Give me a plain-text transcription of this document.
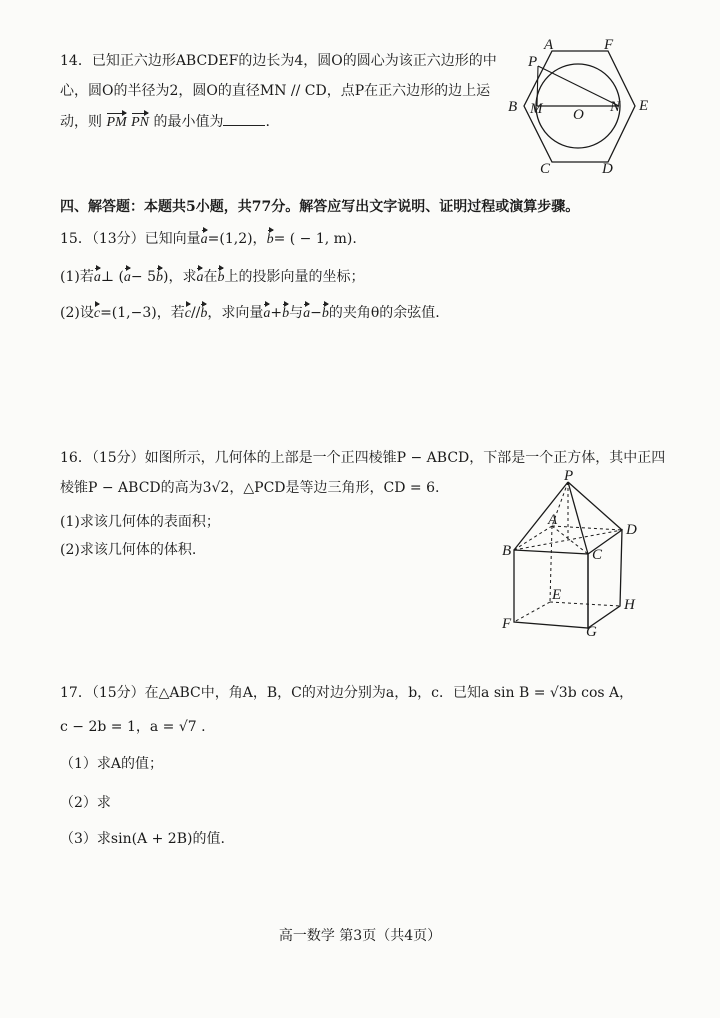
14．已知正六边形ABCDEF的边长为4，圆O的圆心为该正六边形的中
心，圆O的半径为2，圆O的直径MN // CD，点P在正六边形的边上运
动，则 PM PN 的最小值为	.
A	F
P
B M O N E
C	D
四、解答题：本题共5小题，共77分。解答应写出文字说明、证明过程或演算步骤。
15．（13分）已知向量a=(1,2)，b= ( − 1, m).
(1)若a⊥ (a− 5b)，求a在b上的投影向量的坐标；
(2)设c=(1,−3)，若c//b，求向量a+b与a−b的夹角θ的余弦值.
16．（15分）如图所示，几何体的上部是一个正四棱锥P − ABCD，下部是一个正方体，其中正四
棱锥P − ABCD的高为3√2，△PCD是等边三角形，CD = 6.
(1)求该几何体的表面积；
(2)求该几何体的体积.
P
A
D
B	C
E
H
F	G
17．（15分）在△ABC中，角A，B，C的对边分别为a，b，c．已知a sin B = √3b cos A，
c − 2b = 1，a = √7 .
（1）求A的值；
（2）求
（3）求sin(A + 2B)的值.
高一数学 第3页（共4页）
